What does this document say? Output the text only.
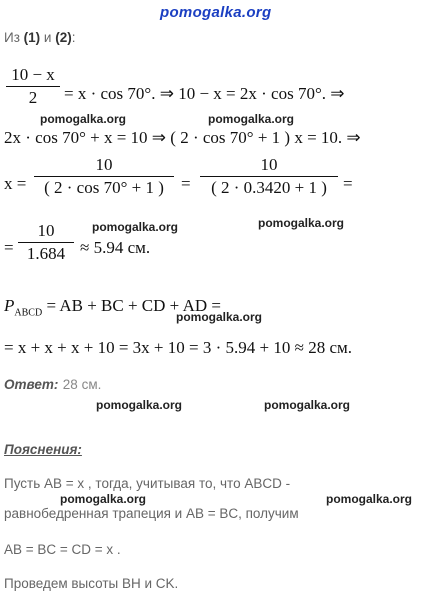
pomogalka.org
Из (1) и (2):
10 − x
2	= x · cos 70°. ⇒ 10 − x = 2x · cos 70°. ⇒
pomogalka.org	pomogalka.org
2x · cos 70° + x = 10 ⇒ ( 2 · cos 70° + 1 ) x = 10. ⇒
x =
10
( 2 · cos 70° + 1 )	=
10
( 2 · 0.3420 + 1 ) =
pomogalka.org	pomogalka.org
=
10
1.684 ≈ 5.94 см.
$P_{ABCD}$ = AB + BC + CD + AD =
pomogalka.org
= x + x + x + 10 = 3x + 10 = 3 · 5.94 + 10 ≈ 28 см.
Ответ: 28 см.
pomogalka.org	pomogalka.org
Пояснения:
Пусть AB = x , тогда, учитывая то, что ABCD -
pomogalka.org	pomogalka.org
равнобедренная трапеция и AB = BC, получим
AB = BC = CD = x .
Проведем высоты BH и CK.
